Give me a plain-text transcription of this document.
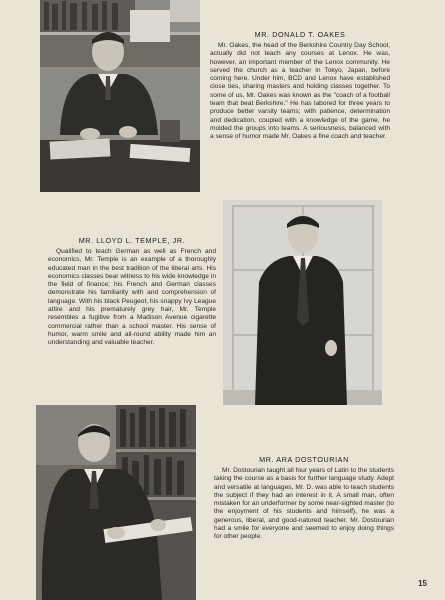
MR. DONALD T. OAKES

Mr. Oakes, the head of the Berkshire Country Day School, actually did not teach any courses at Lenox. He was, however, an important member of the Lenox community. He served the church as a teacher in Tokyo, Japan, before coming here. Under him, BCD and Lenox have established close ties, sharing masters and holding classes together. To some of us, Mr. Oakes was known as the "coach of a football team that beat Berkshire." He has labored for three years to produce better varsity teams; with patience, determination and dedication, coupled with a knowledge of the game, he molded the groups into teams. A seriousness, balanced with a sense of humor made Mr. Oakes a fine coach and teacher.

MR. LLOYD L. TEMPLE, JR.

Qualified to teach German as well as French and economics, Mr. Temple is an example of a thoroughly educated man in the best tradition of the liberal arts. His economics classes bear witness to his wide knowledge in the field of finance; his French and German classes demonstrate his familiarity with and comprehension of language. With his black Peugeot, his snappy Ivy League attire and his prematurely grey hair, Mr. Temple resembles a fugitive from a Madison Avenue cigarette commercial rather than a school master. His sense of humor, warm smile and all-round ability made him an understanding and valuable teacher.

MR. ARA DOSTOURIAN

Mr. Dostourian taught all four years of Latin to the students taking the course as a basis for further language study. Adept and versatile at languages, Mr. D. was able to teach students the subject if they had an interest in it. A small man, often mistaken for an underformer by some near-sighted master (to the enjoyment of his students and himself), he was a generous, liberal, and good-natured teacher. Mr. Dostourian had a smile for everyone and seemed to enjoy doing things for other people.

15
